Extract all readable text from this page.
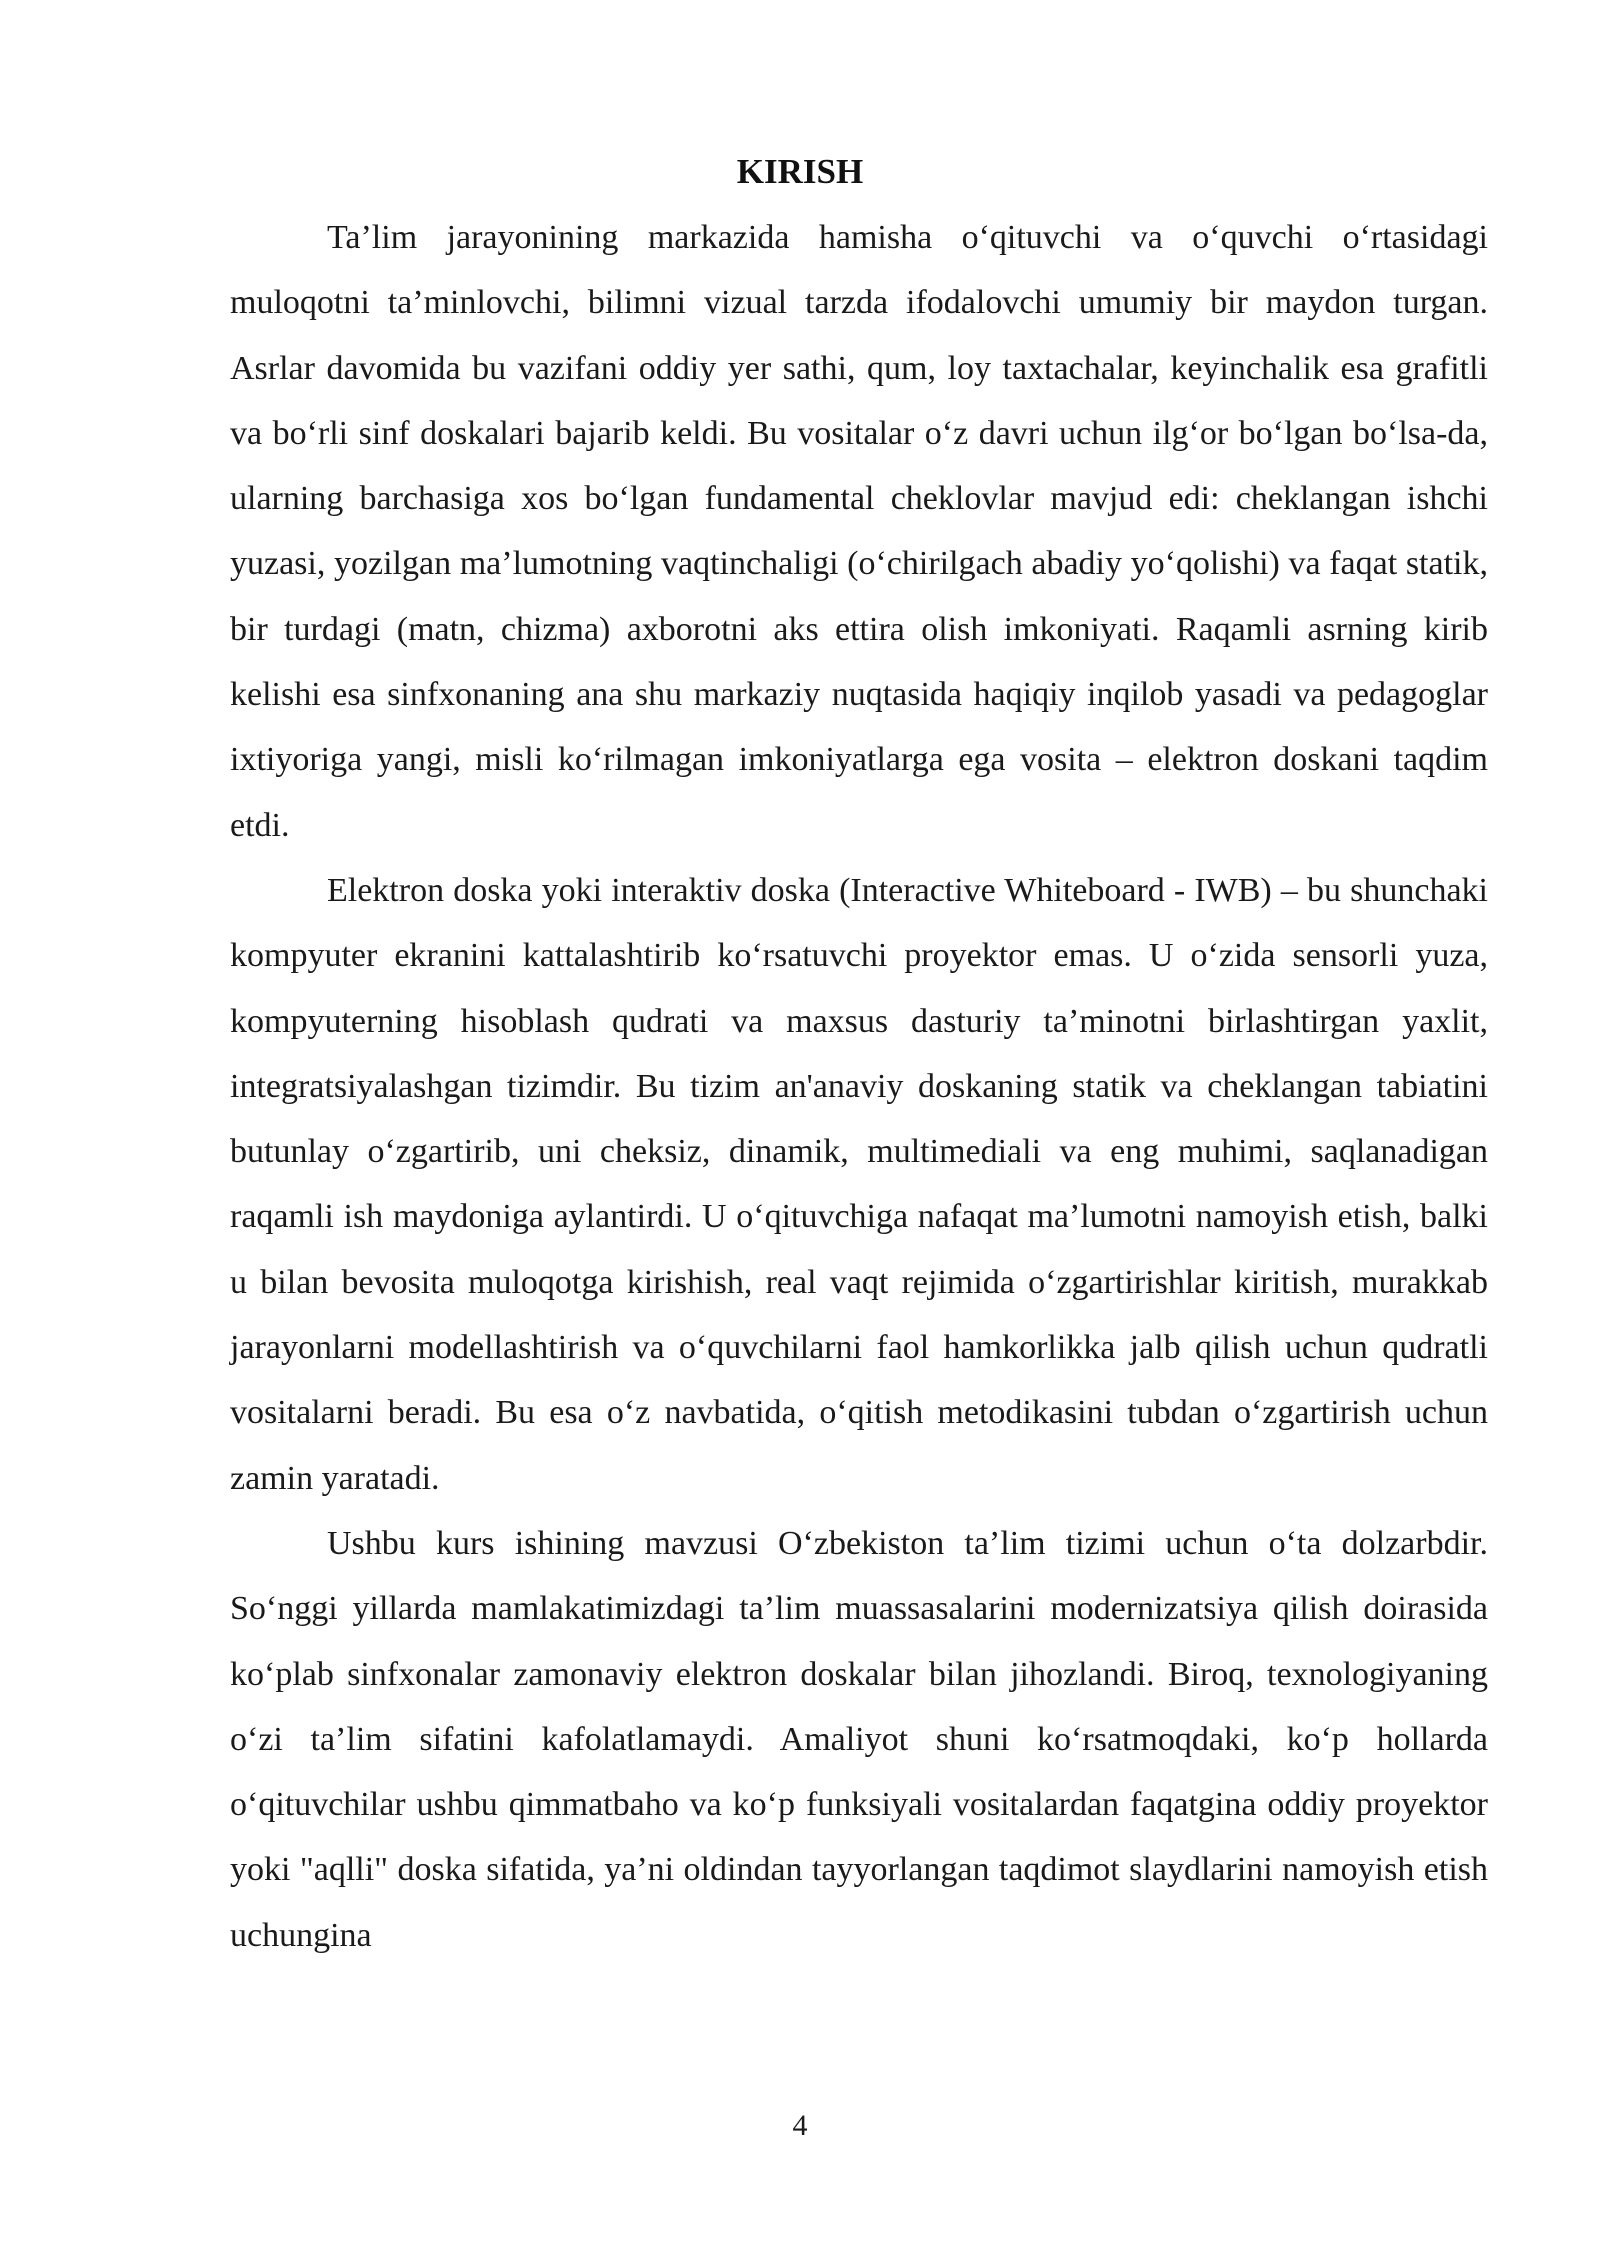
KIRISH

Ta’lim jarayonining markazida hamisha o‘qituvchi va o‘quvchi o‘rtasidagi muloqotni ta’minlovchi, bilimni vizual tarzda ifodalovchi umumiy bir maydon turgan. Asrlar davomida bu vazifani oddiy yer sathi, qum, loy taxtachalar, keyinchalik esa grafitli va bo‘rli sinf doskalari bajarib keldi. Bu vositalar o‘z davri uchun ilg‘or bo‘lgan bo‘lsa-da, ularning barchasiga xos bo‘lgan fundamental cheklovlar mavjud edi: cheklangan ishchi yuzasi, yozilgan ma’lumotning vaqtinchaligi (o‘chirilgach abadiy yo‘qolishi) va faqat statik, bir turdagi (matn, chizma) axborotni aks ettira olish imkoniyati. Raqamli asrning kirib kelishi esa sinfxonaning ana shu markaziy nuqtasida haqiqiy inqilob yasadi va pedagoglar ixtiyoriga yangi, misli ko‘rilmagan imkoniyatlarga ega vosita – elektron doskani taqdim etdi.

Elektron doska yoki interaktiv doska (Interactive Whiteboard - IWB) – bu shunchaki kompyuter ekranini kattalashtirib ko‘rsatuvchi proyektor emas. U o‘zida sensorli yuza, kompyuterning hisoblash qudrati va maxsus dasturiy ta’minotni birlashtirgan yaxlit, integratsiyalashgan tizimdir. Bu tizim an'anaviy doskaning statik va cheklangan tabiatini butunlay o‘zgartirib, uni cheksiz, dinamik, multimediali va eng muhimi, saqlanadigan raqamli ish maydoniga aylantirdi. U o‘qituvchiga nafaqat ma’lumotni namoyish etish, balki u bilan bevosita muloqotga kirishish, real vaqt rejimida o‘zgartirishlar kiritish, murakkab jarayonlarni modellashtirish va o‘quvchilarni faol hamkorlikka jalb qilish uchun qudratli vositalarni beradi. Bu esa o‘z navbatida, o‘qitish metodikasini tubdan o‘zgartirish uchun zamin yaratadi.

Ushbu kurs ishining mavzusi O‘zbekiston ta’lim tizimi uchun o‘ta dolzarbdir. So‘nggi yillarda mamlakatimizdagi ta’lim muassasalarini modernizatsiya qilish doirasida ko‘plab sinfxonalar zamonaviy elektron doskalar bilan jihozlandi. Biroq, texnologiyaning o‘zi ta’lim sifatini kafolatlamaydi. Amaliyot shuni ko‘rsatmoqdaki, ko‘p hollarda o‘qituvchilar ushbu qimmatbaho va ko‘p funksiyali vositalardan faqatgina oddiy proyektor yoki "aqlli" doska sifatida, ya’ni oldindan tayyorlangan taqdimot slaydlarini namoyish etish uchungina

4
